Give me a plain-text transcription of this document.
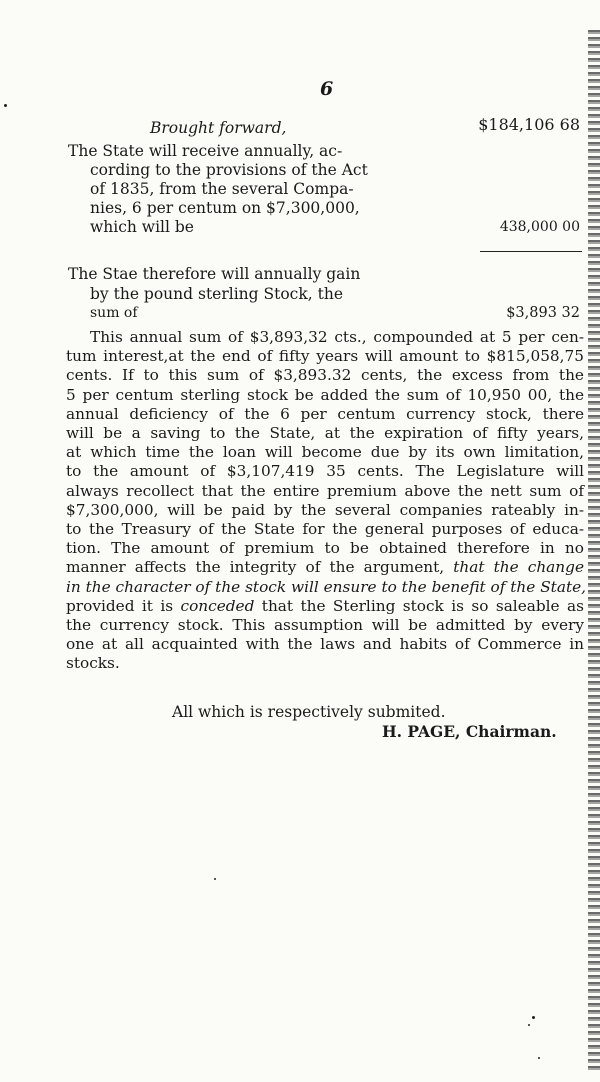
6
Brought forward,	$184,106 68
The State will receive annually, ac-
cording to the provisions of the Act
of 1835, from the several Compa-
nies, 6 per centum on $7,300,000,
which will be	438,000 00
The Stae therefore will annually gain
by the pound sterling Stock, the
sum of	$3,893 32
This annual sum of $3,893,32 cts., compounded at 5 per cen-
tum interest,at the end of fifty years will amount to $815,058,75
cents. If to this sum of $3,893.32 cents, the excess from the
5 per centum sterling stock be added the sum of 10,950 00, the
annual deficiency of the 6 per centum currency stock, there
will be a saving to the State, at the expiration of fifty years,
at which time the loan will become due by its own limitation,
to the amount of $3,107,419 35 cents. The Legislature will
always recollect that the entire premium above the nett sum of
$7,300,000, will be paid by the several companies rateably in-
to the Treasury of the State for the general purposes of educa-
tion. The amount of premium to be obtained therefore in no
manner affects the integrity of the argument, that the change
in the character of the stock will ensure to the benefit of the State,
provided it is conceded that the Sterling stock is so saleable as
the currency stock. This assumption will be admitted by every
one at all acquainted with the laws and habits of Commerce in
stocks.
All which is respectively submited.
H. PAGE, Chairman.
